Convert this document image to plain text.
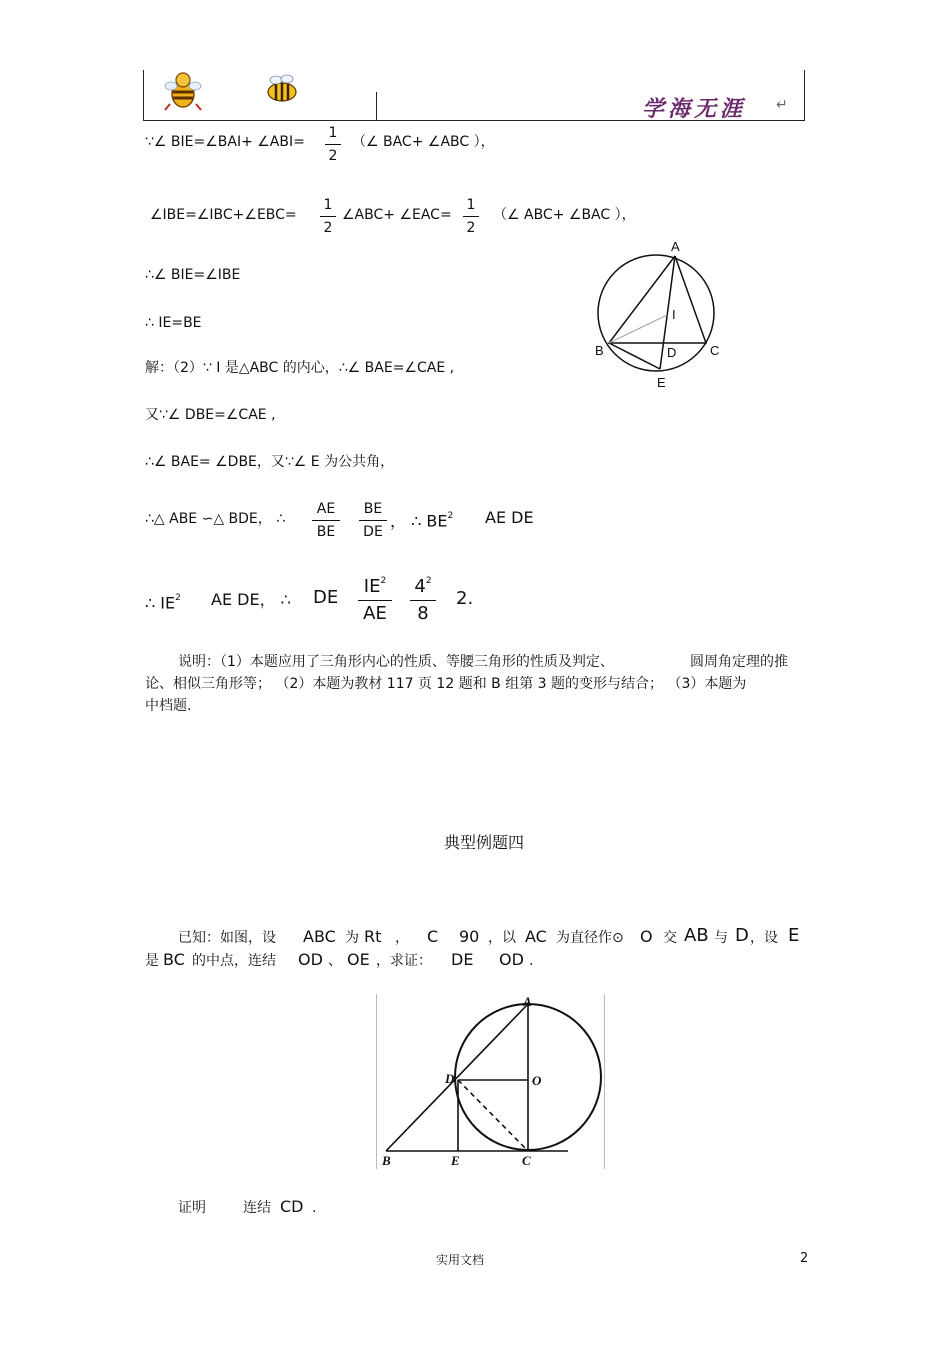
学海无涯 ↵
∵∠ BIE=∠BAI+ ∠ABI=
1
2
（∠ BAC+ ∠ABC ），
∠IBE=∠IBC+∠EBC=
1
2
∠ABC+ ∠EAC=
1
2
（∠ ABC+ ∠BAC ），
∴∠ BIE=∠IBE
∴ IE=BE
解：（2）∵ I 是△ABC 的内心，∴∠ BAE=∠CAE ,
又∵∠ DBE=∠CAE ,
∴∠ BAE= ∠DBE，又∵∠ E 为公共角，
∴△ ABE ∽△ BDE， ∴
AE
BE
BE
DE
， ∴ $BE^2$ AE DE
∴ $IE^2$ AE DE， ∴ DE
$IE^2$
AE
$4^2$
8
2.
A
I
B	D	C
E
说明：（1）本题应用了三角形内心的性质、等腰三角形的性质及判定、	圆周角定理的推
论、相似三角形等； （2）本题为教材 117 页 12 题和 B 组第 3 题的变形与结合； （3）本题为
中档题.
典型例题四
已知：如图，设 ABC 为 Rt ， C 90 ，以 AC 为直径作⊙ O 交 AB 与 D ，设 E
是 BC 的中点，连结 OD 、 OE ，求证： DE OD .
A
D	O
B	E	C
证明	连结 CD .
实用文档	2
